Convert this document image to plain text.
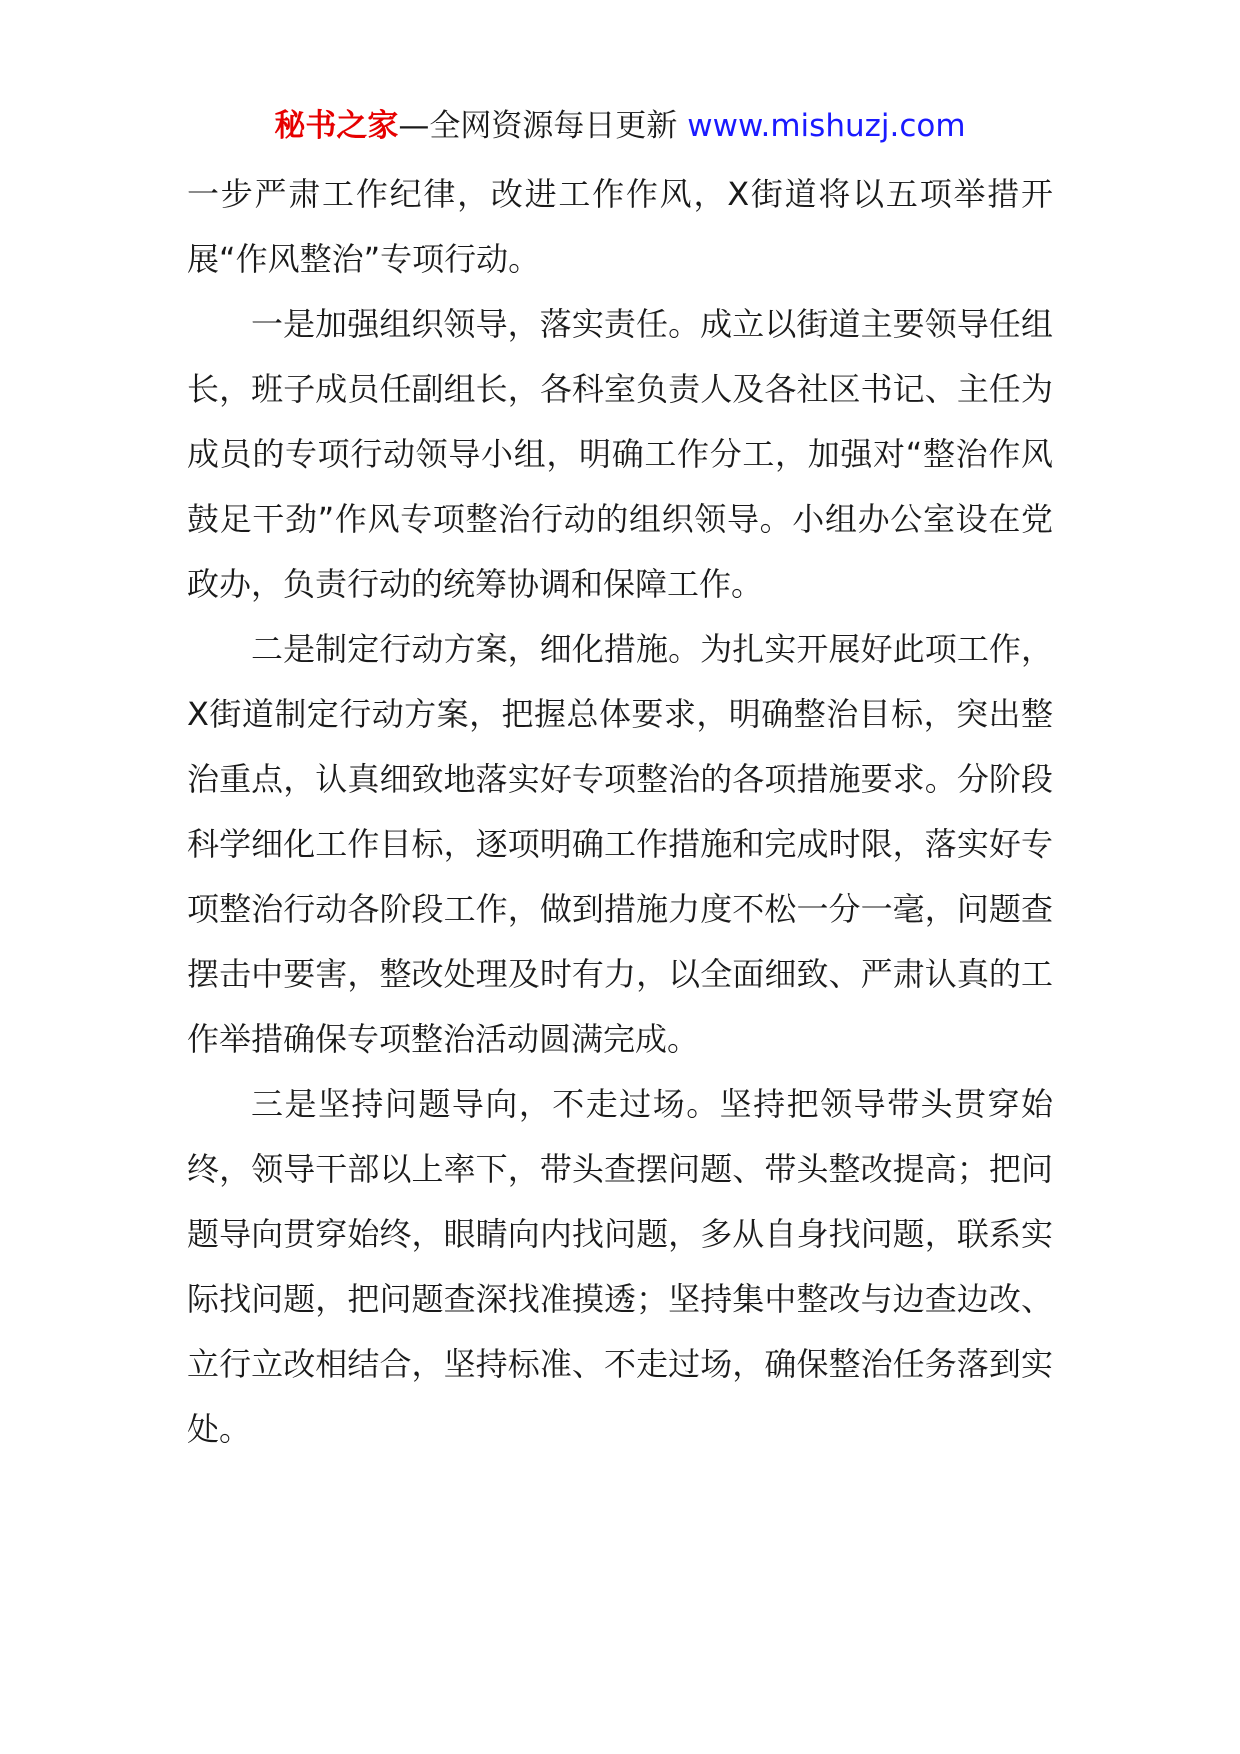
秘书之家—全网资源每日更新 www.mishuzj.com

一步严肃工作纪律，改进工作作风，X街道将以五项举措开展“作风整治”专项行动。

一是加强组织领导，落实责任。成立以街道主要领导任组长，班子成员任副组长，各科室负责人及各社区书记、主任为成员的专项行动领导小组，明确工作分工，加强对“整治作风鼓足干劲”作风专项整治行动的组织领导。小组办公室设在党政办，负责行动的统筹协调和保障工作。

二是制定行动方案，细化措施。为扎实开展好此项工作，X街道制定行动方案，把握总体要求，明确整治目标，突出整治重点，认真细致地落实好专项整治的各项措施要求。分阶段科学细化工作目标，逐项明确工作措施和完成时限，落实好专项整治行动各阶段工作，做到措施力度不松一分一毫，问题查摆击中要害，整改处理及时有力，以全面细致、严肃认真的工作举措确保专项整治活动圆满完成。

三是坚持问题导向，不走过场。坚持把领导带头贯穿始终，领导干部以上率下，带头查摆问题、带头整改提高；把问题导向贯穿始终，眼睛向内找问题，多从自身找问题，联系实际找问题，把问题查深找准摸透；坚持集中整改与边查边改、立行立改相结合，坚持标准、不走过场，确保整治任务落到实处。
